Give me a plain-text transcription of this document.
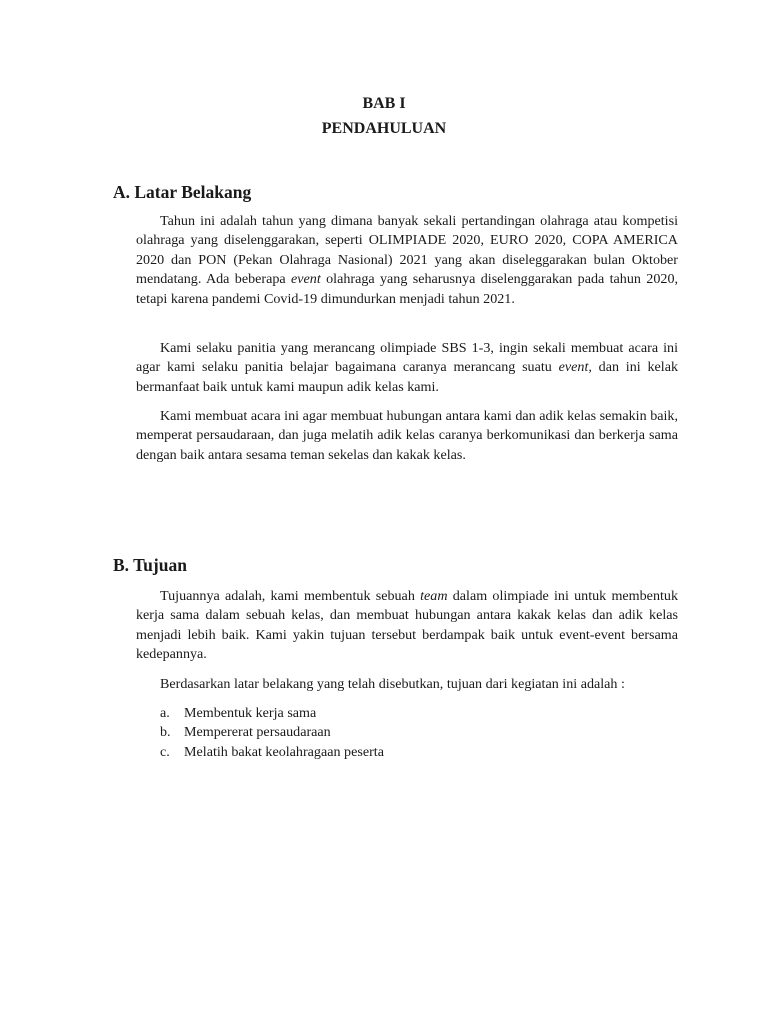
BAB I
PENDAHULUAN
A. Latar Belakang

Tahun ini adalah tahun yang dimana banyak sekali pertandingan olahraga atau kompetisi olahraga yang diselenggarakan, seperti OLIMPIADE 2020, EURO 2020, COPA AMERICA 2020 dan PON (Pekan Olahraga Nasional) 2021 yang akan diseleggarakan bulan Oktober mendatang. Ada beberapa event olahraga yang seharusnya diselenggarakan pada tahun 2020, tetapi karena pandemi Covid-19 dimundurkan menjadi tahun 2021.

Kami selaku panitia yang merancang olimpiade SBS 1-3, ingin sekali membuat acara ini agar kami selaku panitia belajar bagaimana caranya merancang suatu event, dan ini kelak bermanfaat baik untuk kami maupun adik kelas kami.

Kami membuat acara ini agar membuat hubungan antara kami dan adik kelas semakin baik, memperat persaudaraan, dan juga melatih adik kelas caranya berkomunikasi dan berkerja sama dengan baik antara sesama teman sekelas dan kakak kelas.

B. Tujuan

Tujuannya adalah, kami membentuk sebuah team dalam olimpiade ini untuk membentuk kerja sama dalam sebuah kelas, dan membuat hubungan antara kakak kelas dan adik kelas menjadi lebih baik. Kami yakin tujuan tersebut berdampak baik untuk event-event bersama kedepannya.

Berdasarkan latar belakang yang telah disebutkan, tujuan dari kegiatan ini adalah :

a. Membentuk kerja sama
b. Mempererat persaudaraan
c. Melatih bakat keolahragaan peserta
